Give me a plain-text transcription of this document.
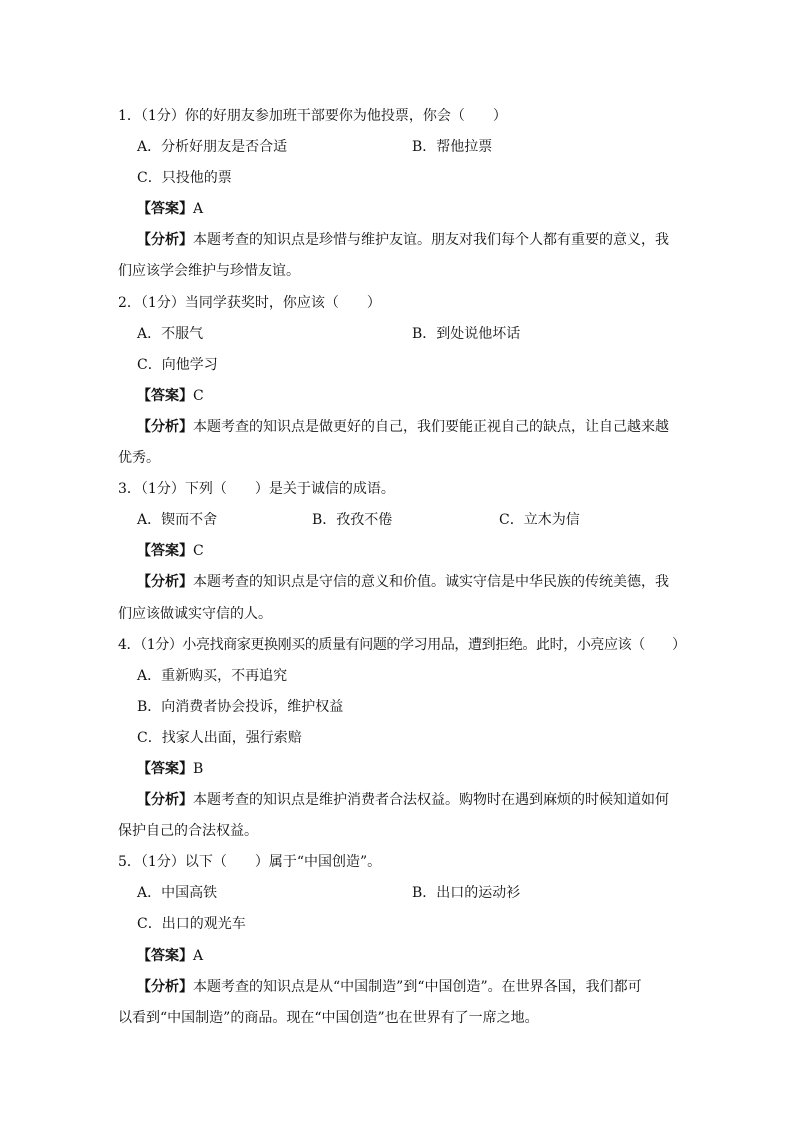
1．（1分）你的好朋友参加班干部要你为他投票，你会（　　）
A．分析好朋友是否合适	B．帮他拉票
C．只投他的票
【答案】A
【分析】本题考查的知识点是珍惜与维护友谊。朋友对我们每个人都有重要的意义，我
们应该学会维护与珍惜友谊。
2．（1分）当同学获奖时，你应该（　　）
A．不服气	B．到处说他坏话
C．向他学习
【答案】C
【分析】本题考查的知识点是做更好的自己，我们要能正视自己的缺点，让自己越来越
优秀。
3．（1分）下列（　　）是关于诚信的成语。
A．锲而不舍	B．孜孜不倦	C．立木为信
【答案】C
【分析】本题考查的知识点是守信的意义和价值。诚实守信是中华民族的传统美德，我
们应该做诚实守信的人。
4．（1分）小亮找商家更换刚买的质量有问题的学习用品，遭到拒绝。此时，小亮应该（　　）
A．重新购买，不再追究
B．向消费者协会投诉，维护权益
C．找家人出面，强行索赔
【答案】B
【分析】本题考查的知识点是维护消费者合法权益。购物时在遇到麻烦的时候知道如何
保护自己的合法权益。
5．（1分）以下（　　）属于“中国创造”。
A．中国高铁	B．出口的运动衫
C．出口的观光车
【答案】A
【分析】本题考查的知识点是从“中国制造”到“中国创造”。在世界各国，我们都可
以看到“中国制造”的商品。现在“中国创造”也在世界有了一席之地。
